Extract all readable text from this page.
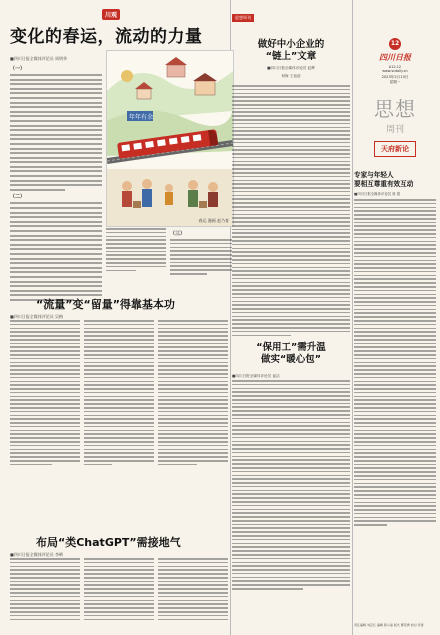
川观
变化的春运，流动的力量
■四川日报全媒体评论员 周明华
（一）
（二）
年年有余
春运 漫画 赵乃育
（三）
“流量”变“留量”得靠基本功
■四川日报全媒体评论员 吴梅
布局“类ChatGPT”需接地气
■四川日报全媒体评论员 李俐
思想周刊
做好中小企业的
“链上”文章
■四川日报全媒体评论员 赵辉
何海 王蓓蓓
“保用工”需升温
做实“暖心包”
■四川日报全媒体评论员 崔洁
12
四川日报
A12-12
www.scdaily.cn
2023年2月13日
星期一
思想
周刊
天府新论
专家与年轻人
要相互尊重有效互动
■四川日报全媒体评论员 蒋 超
责任编辑 刘京红 编辑 蒋小丽 版式 曹荣勇 校对 李雷
